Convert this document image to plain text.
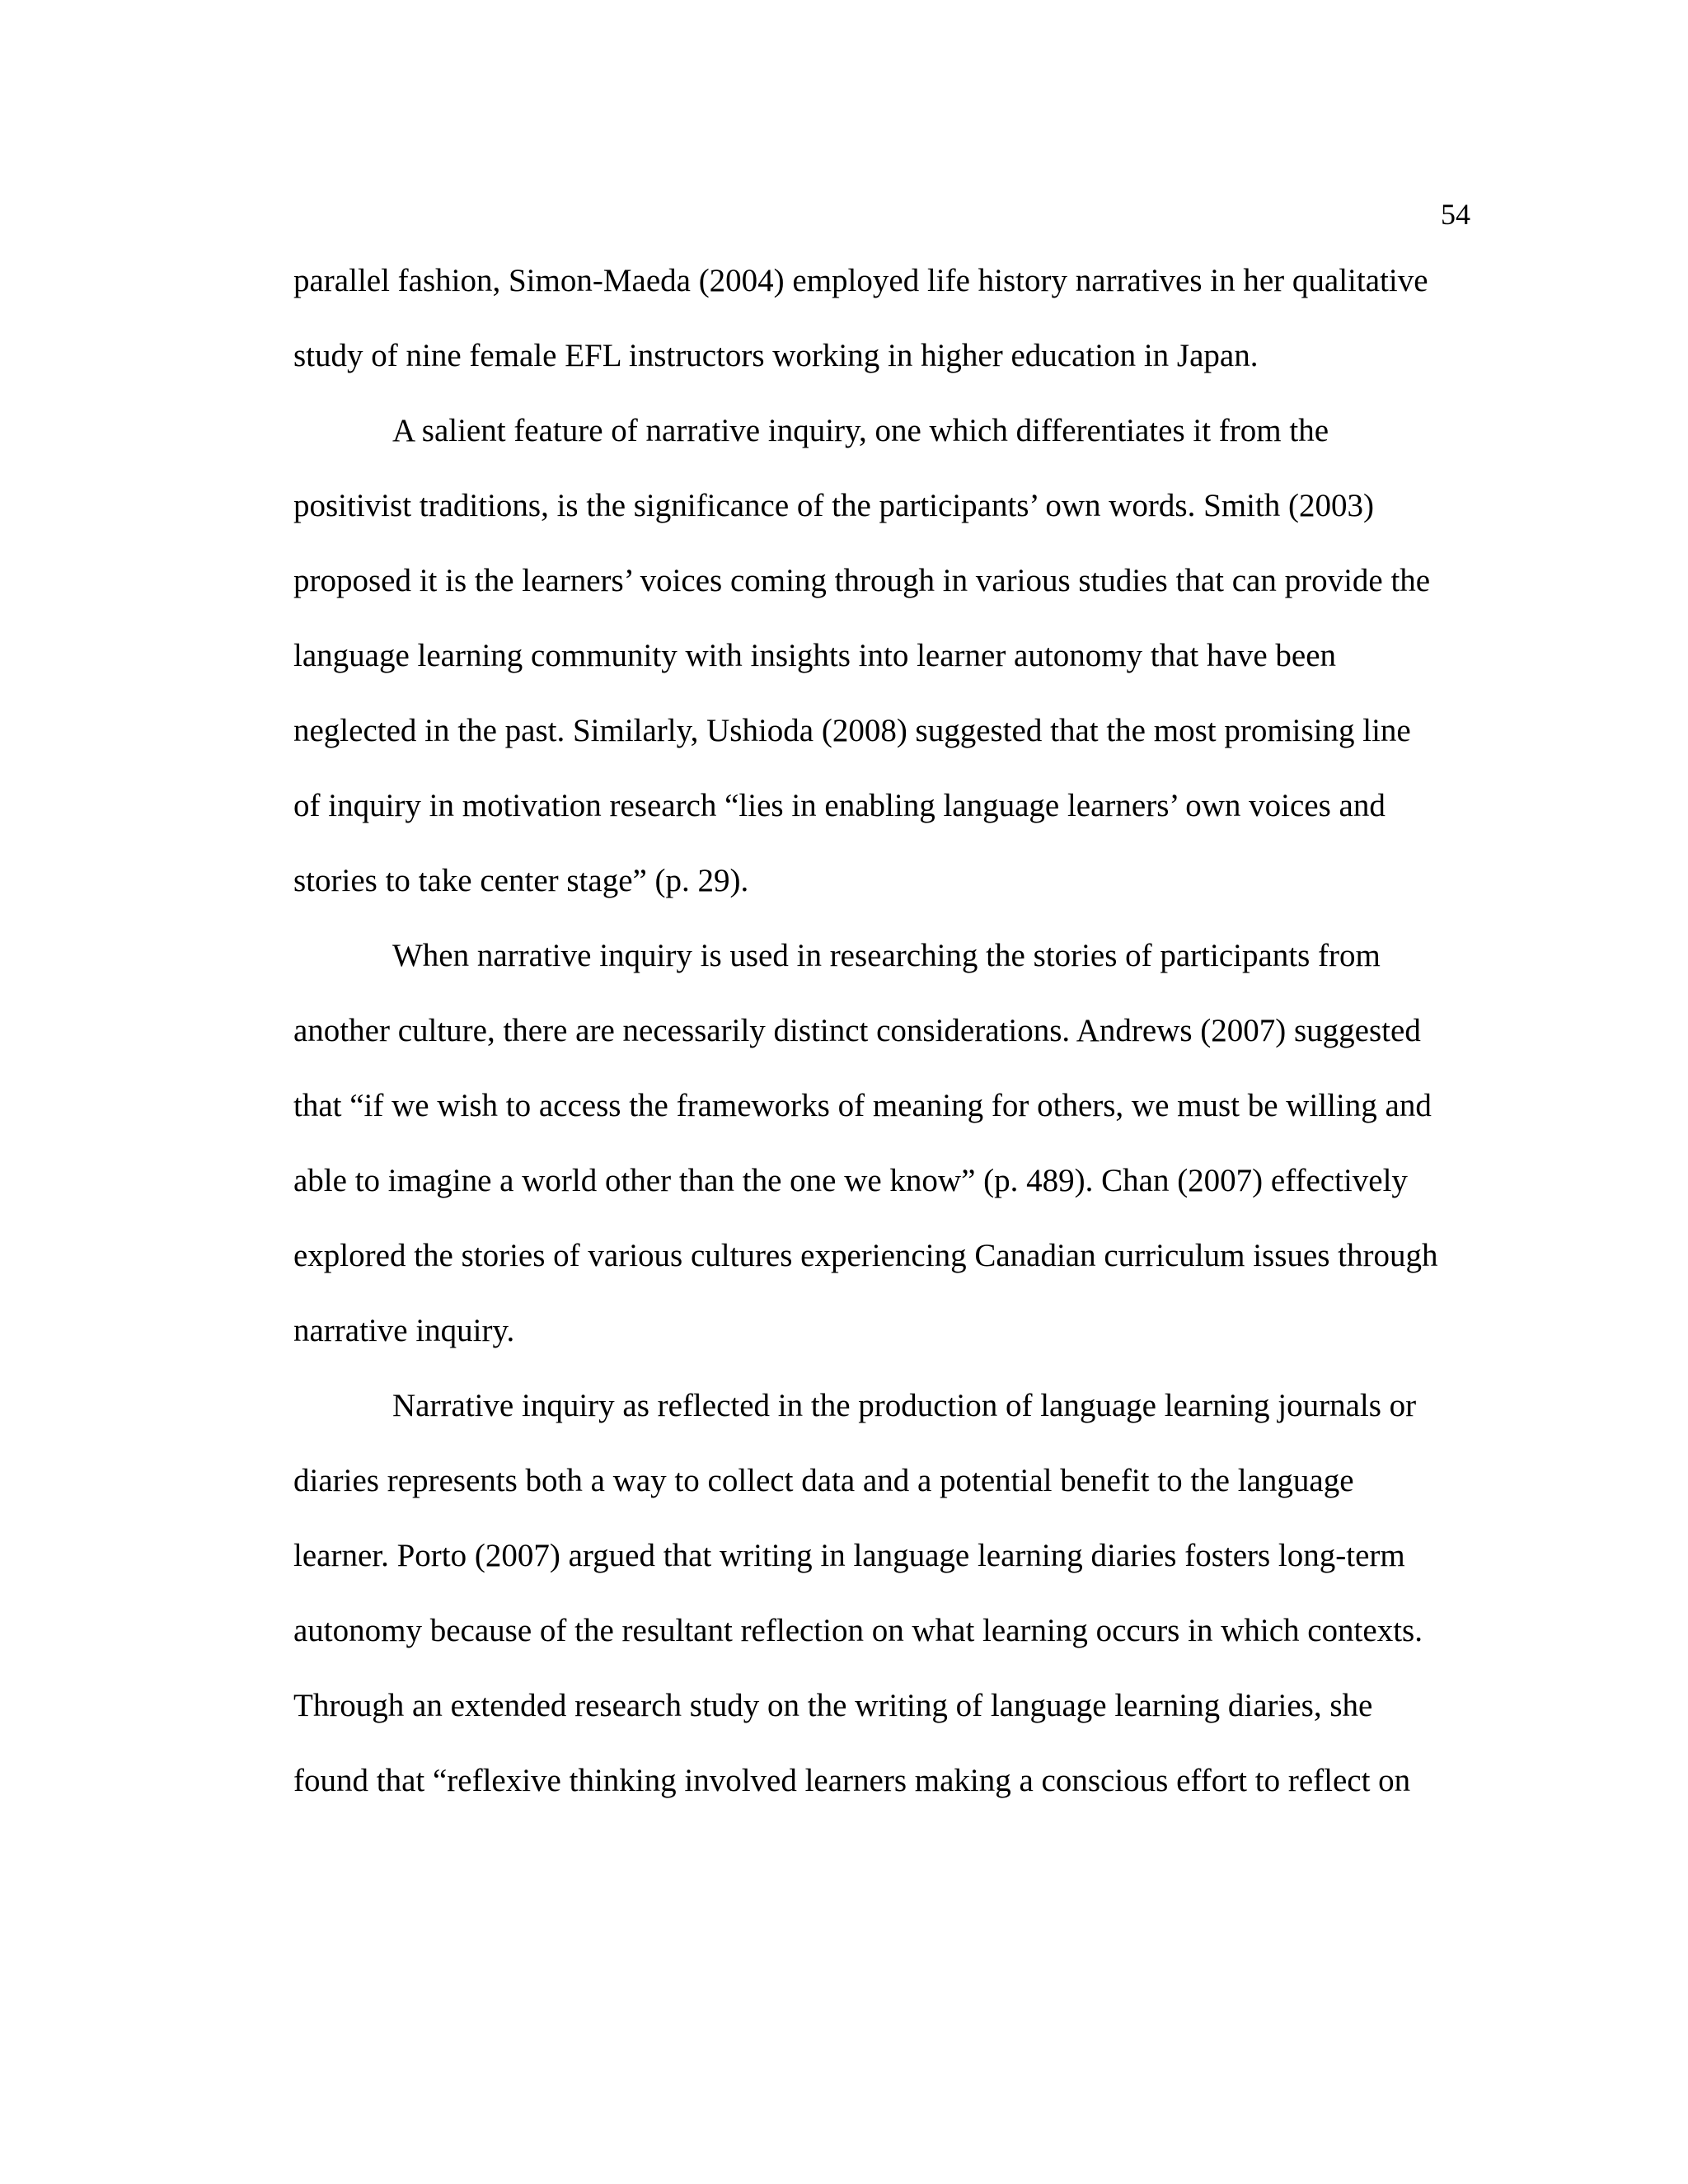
54
parallel fashion, Simon-Maeda (2004) employed life history narratives in her qualitative
study of nine female EFL instructors working in higher education in Japan.
A salient feature of narrative inquiry, one which differentiates it from the
positivist traditions, is the significance of the participants’ own words. Smith (2003)
proposed it is the learners’ voices coming through in various studies that can provide the
language learning community with insights into learner autonomy that have been
neglected in the past. Similarly, Ushioda (2008) suggested that the most promising line
of inquiry in motivation research “lies in enabling language learners’ own voices and
stories to take center stage” (p. 29).
When narrative inquiry is used in researching the stories of participants from
another culture, there are necessarily distinct considerations. Andrews (2007) suggested
that “if we wish to access the frameworks of meaning for others, we must be willing and
able to imagine a world other than the one we know” (p. 489). Chan (2007) effectively
explored the stories of various cultures experiencing Canadian curriculum issues through
narrative inquiry.
Narrative inquiry as reflected in the production of language learning journals or
diaries represents both a way to collect data and a potential benefit to the language
learner. Porto (2007) argued that writing in language learning diaries fosters long-term
autonomy because of the resultant reflection on what learning occurs in which contexts.
Through an extended research study on the writing of language learning diaries, she
found that “reflexive thinking involved learners making a conscious effort to reflect on
